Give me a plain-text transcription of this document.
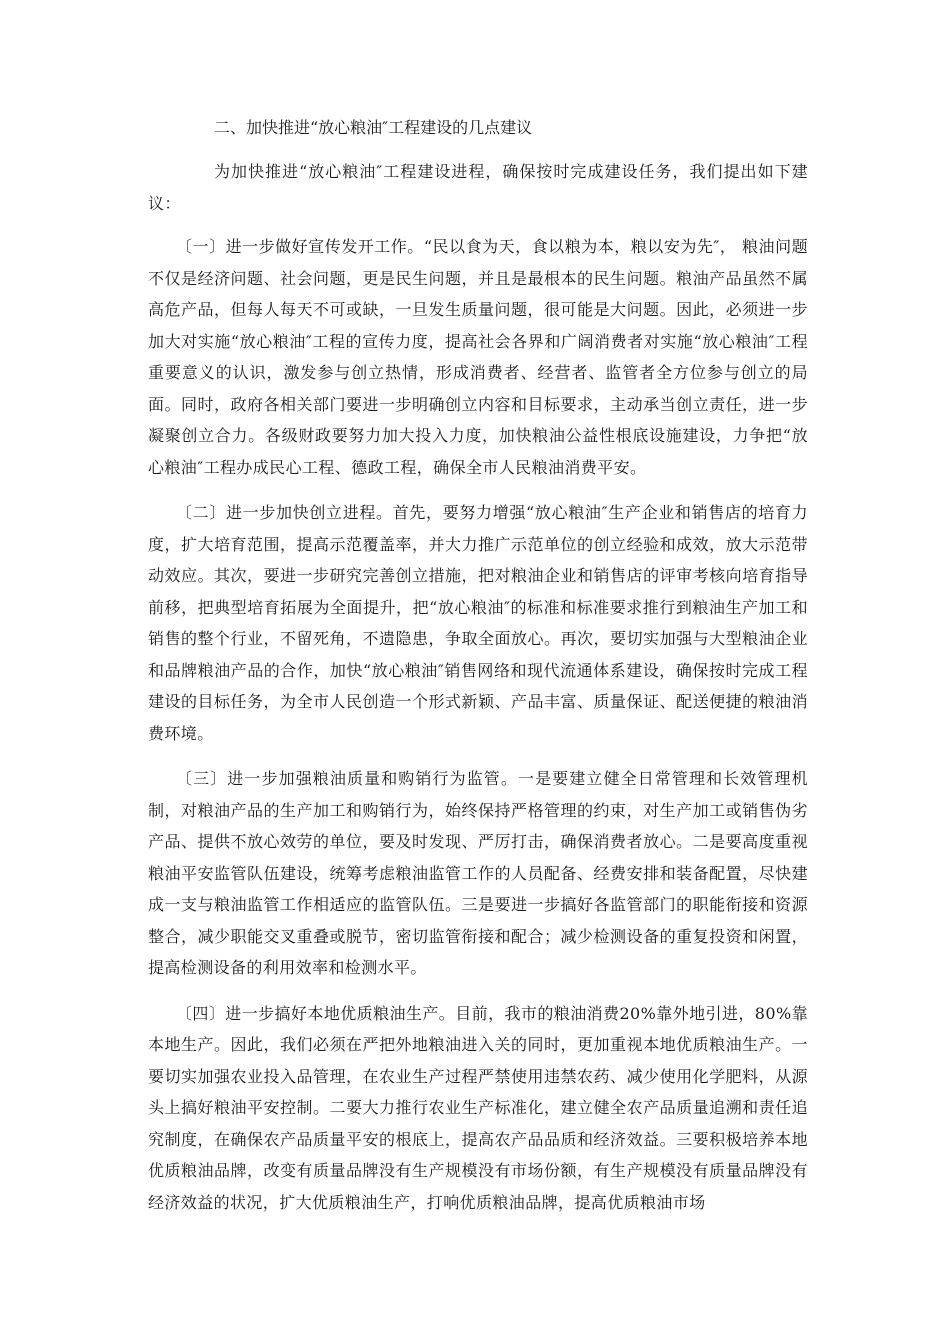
二、加快推进“放心粮油″工程建设的几点建议

为加快推进“放心粮油″工程建设进程，确保按时完成建设任务，我们提出如下建议：

〔一〕进一步做好宣传发开工作。“民以食为天，食以粮为本，粮以安为先″， 粮油问题不仅是经济问题、社会问题，更是民生问题，并且是最根本的民生问题。粮油产品虽然不属高危产品，但每人每天不可或缺，一旦发生质量问题，很可能是大问题。因此，必须进一步加大对实施“放心粮油″工程的宣传力度，提高社会各界和广阔消费者对实施“放心粮油″工程重要意义的认识，激发参与创立热情，形成消费者、经营者、监管者全方位参与创立的局面。同时，政府各相关部门要进一步明确创立内容和目标要求，主动承当创立责任，进一步凝聚创立合力。各级财政要努力加大投入力度，加快粮油公益性根底设施建设，力争把“放心粮油″工程办成民心工程、德政工程，确保全市人民粮油消费平安。

〔二〕进一步加快创立进程。首先，要努力增强“放心粮油″生产企业和销售店的培育力度，扩大培育范围，提高示范覆盖率，并大力推广示范单位的创立经验和成效，放大示范带动效应。其次，要进一步研究完善创立措施，把对粮油企业和销售店的评审考核向培育指导前移，把典型培育拓展为全面提升，把“放心粮油″的标准和标准要求推行到粮油生产加工和销售的整个行业，不留死角，不遗隐患，争取全面放心。再次，要切实加强与大型粮油企业和品牌粮油产品的合作，加快“放心粮油″销售网络和现代流通体系建设，确保按时完成工程建设的目标任务，为全市人民创造一个形式新颖、产品丰富、质量保证、配送便捷的粮油消费环境。

〔三〕进一步加强粮油质量和购销行为监管。一是要建立健全日常管理和长效管理机制，对粮油产品的生产加工和购销行为，始终保持严格管理的约束，对生产加工或销售伪劣产品、提供不放心效劳的单位，要及时发现、严厉打击，确保消费者放心。二是要高度重视粮油平安监管队伍建设，统筹考虑粮油监管工作的人员配备、经费安排和装备配置，尽快建成一支与粮油监管工作相适应的监管队伍。三是要进一步搞好各监管部门的职能衔接和资源整合，减少职能交叉重叠或脱节，密切监管衔接和配合；减少检测设备的重复投资和闲置，提高检测设备的利用效率和检测水平。

〔四〕进一步搞好本地优质粮油生产。目前，我市的粮油消费20%靠外地引进，80%靠本地生产。因此，我们必须在严把外地粮油进入关的同时，更加重视本地优质粮油生产。一要切实加强农业投入品管理，在农业生产过程严禁使用违禁农药、减少使用化学肥料，从源头上搞好粮油平安控制。二要大力推行农业生产标准化，建立健全农产品质量追溯和责任追究制度，在确保农产品质量平安的根底上，提高农产品品质和经济效益。三要积极培养本地优质粮油品牌，改变有质量品牌没有生产规模没有市场份额，有生产规模没有质量品牌没有经济效益的状况，扩大优质粮油生产，打响优质粮油品牌，提高优质粮油市场
